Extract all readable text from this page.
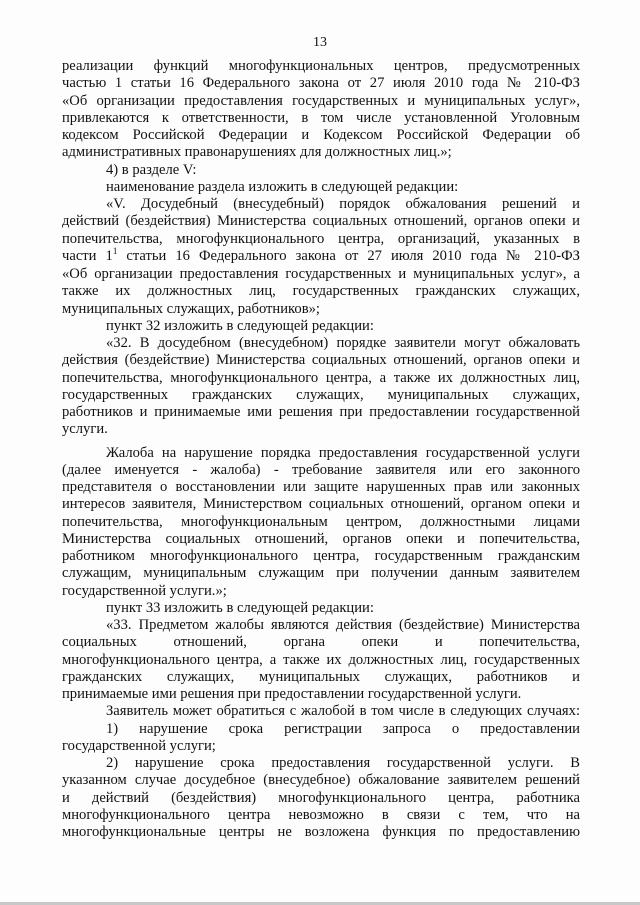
13
реализации функций многофункциональных центров, предусмотренных
частью 1 статьи 16 Федерального закона от 27 июля 2010 года № 210-ФЗ
«Об организации предоставления государственных и муниципальных услуг»,
привлекаются к ответственности, в том числе установленной Уголовным
кодексом Российской Федерации и Кодексом Российской Федерации об
административных правонарушениях для должностных лиц.»;
4) в разделе V:
наименование раздела изложить в следующей редакции:
«V. Досудебный (внесудебный) порядок обжалования решений и
действий (бездействия) Министерства социальных отношений, органов опеки и
попечительства, многофункционального центра, организаций, указанных в
части $1^1$ статьи 16 Федерального закона от 27 июля 2010 года № 210-ФЗ
«Об организации предоставления государственных и муниципальных услуг», а
также их должностных лиц, государственных гражданских служащих,
муниципальных служащих, работников»;
пункт 32 изложить в следующей редакции:
«32. В досудебном (внесудебном) порядке заявители могут обжаловать
действия (бездействие) Министерства социальных отношений, органов опеки и
попечительства, многофункционального центра, а также их должностных лиц,
государственных гражданских служащих, муниципальных служащих,
работников и принимаемые ими решения при предоставлении государственной
услуги.
Жалоба на нарушение порядка предоставления государственной услуги
(далее именуется - жалоба) - требование заявителя или его законного
представителя о восстановлении или защите нарушенных прав или законных
интересов заявителя, Министерством социальных отношений, органом опеки и
попечительства, многофункциональным центром, должностными лицами
Министерства социальных отношений, органов опеки и попечительства,
работником многофункционального центра, государственным гражданским
служащим, муниципальным служащим при получении данным заявителем
государственной услуги.»;
пункт 33 изложить в следующей редакции:
«33. Предметом жалобы являются действия (бездействие) Министерства
социальных отношений, органа опеки и попечительства,
многофункционального центра, а также их должностных лиц, государственных
гражданских служащих, муниципальных служащих, работников и
принимаемые ими решения при предоставлении государственной услуги.
Заявитель может обратиться с жалобой в том числе в следующих случаях:
1) нарушение срока регистрации запроса о предоставлении
государственной услуги;
2) нарушение срока предоставления государственной услуги. В
указанном случае досудебное (внесудебное) обжалование заявителем решений
и действий (бездействия) многофункционального центра, работника
многофункционального центра невозможно в связи с тем, что на
многофункциональные центры не возложена функция по предоставлению
